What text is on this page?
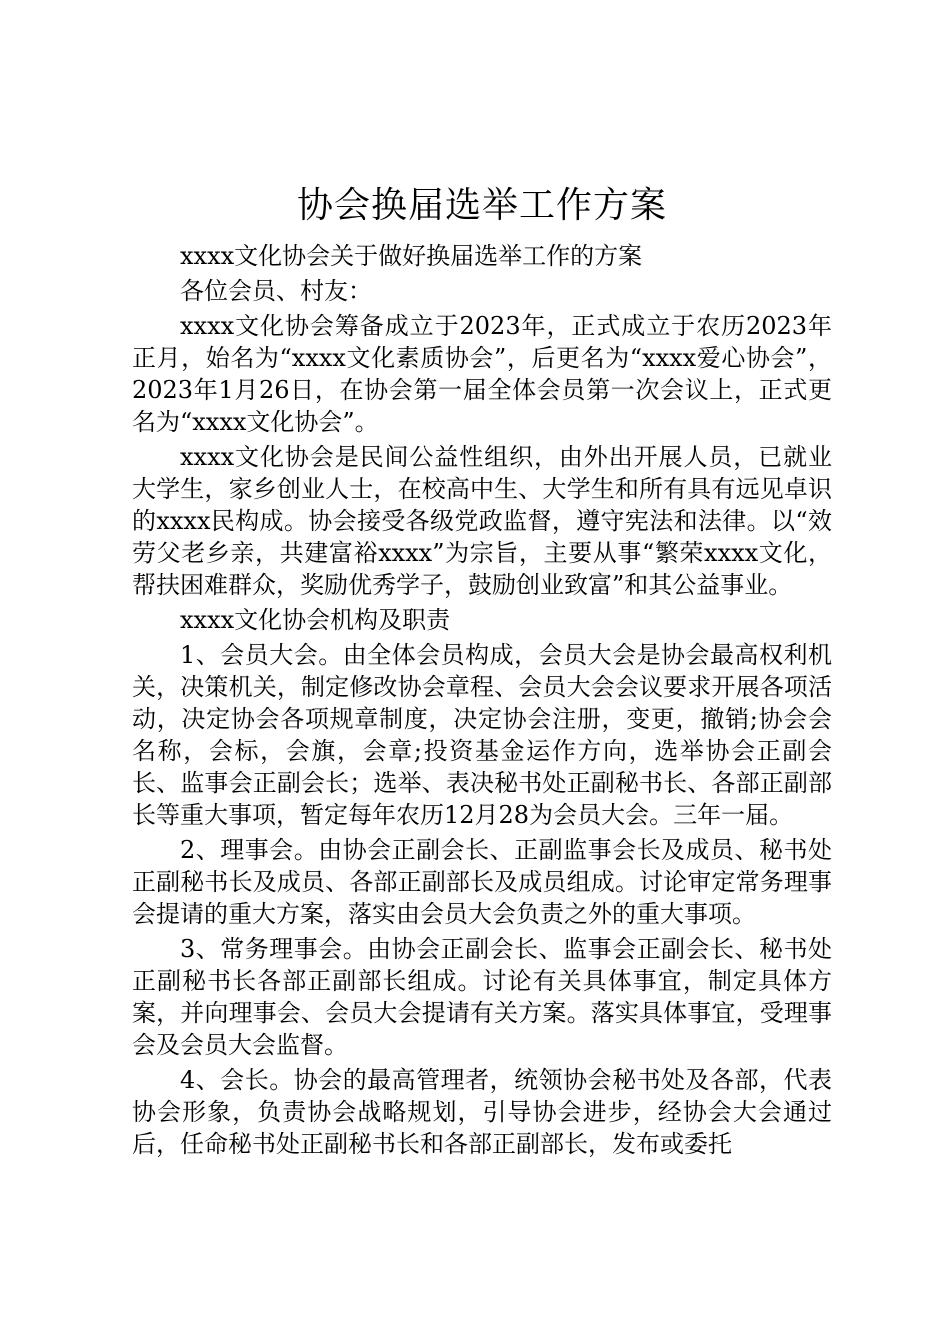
协会换届选举工作方案

xxxx文化协会关于做好换届选举工作的方案

各位会员、村友：

xxxx文化协会筹备成立于2023年，正式成立于农历2023年正月，始名为“xxxx文化素质协会”，后更名为“xxxx爱心协会”，2023年1月26日，在协会第一届全体会员第一次会议上，正式更名为“xxxx文化协会”。

xxxx文化协会是民间公益性组织，由外出开展人员，已就业大学生，家乡创业人士，在校高中生、大学生和所有具有远见卓识的xxxx民构成。协会接受各级党政监督，遵守宪法和法律。以“效劳父老乡亲，共建富裕xxxx”为宗旨，主要从事“繁荣xxxx文化，帮扶困难群众，奖励优秀学子，鼓励创业致富”和其公益事业。

xxxx文化协会机构及职责

1、会员大会。由全体会员构成，会员大会是协会最高权利机关，决策机关，制定修改协会章程、会员大会会议要求开展各项活动，决定协会各项规章制度，决定协会注册，变更，撤销;协会会名称，会标，会旗，会章;投资基金运作方向，选举协会正副会长、监事会正副会长；选举、表决秘书处正副秘书长、各部正副部长等重大事项，暂定每年农历12月28为会员大会。三年一届。

2、理事会。由协会正副会长、正副监事会长及成员、秘书处正副秘书长及成员、各部正副部长及成员组成。讨论审定常务理事会提请的重大方案，落实由会员大会负责之外的重大事项。

3、常务理事会。由协会正副会长、监事会正副会长、秘书处正副秘书长各部正副部长组成。讨论有关具体事宜，制定具体方案，并向理事会、会员大会提请有关方案。落实具体事宜，受理事会及会员大会监督。

4、会长。协会的最高管理者，统领协会秘书处及各部，代表协会形象，负责协会战略规划，引导协会进步，经协会大会通过后，任命秘书处正副秘书长和各部正副部长，发布或委托
